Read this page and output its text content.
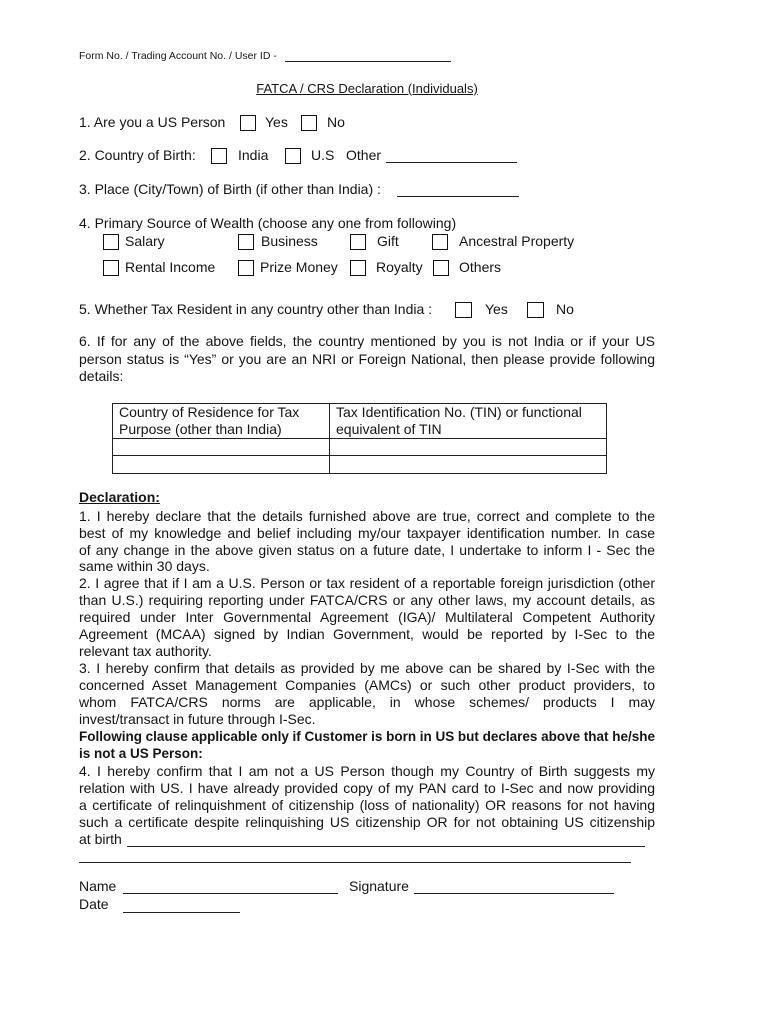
Form No. / Trading Account No. / User ID -
FATCA / CRS Declaration (Individuals)
1. Are you a US Person	Yes	No
2. Country of Birth:	India	U.S Other
3. Place (City/Town) of Birth (if other than India) :
4. Primary Source of Wealth (choose any one from following)
Salary	Business	Gift	Ancestral Property
Rental Income	Prize Money	Royalty	Others
5. Whether Tax Resident in any country other than India :	Yes	No
6. If for any of the above fields, the country mentioned by you is not India or if your US
person status is “Yes” or you are an NRI or Foreign National, then please provide following
details:
Country of Residence for Tax Purpose (other than India)	Tax Identification No. (TIN) or functional equivalent of TIN

Declaration:
1. I hereby declare that the details furnished above are true, correct and complete to the
best of my knowledge and belief including my/our taxpayer identification number. In case
of any change in the above given status on a future date, I undertake to inform I - Sec the
same within 30 days.
2. I agree that if I am a U.S. Person or tax resident of a reportable foreign jurisdiction (other
than U.S.) requiring reporting under FATCA/CRS or any other laws, my account details, as
required under Inter Governmental Agreement (IGA)/ Multilateral Competent Authority
Agreement (MCAA) signed by Indian Government, would be reported by I-Sec to the
relevant tax authority.
3. I hereby confirm that details as provided by me above can be shared by I-Sec with the
concerned Asset Management Companies (AMCs) or such other product providers, to
whom FATCA/CRS norms are applicable, in whose schemes/ products I may
invest/transact in future through I-Sec.
Following clause applicable only if Customer is born in US but declares above that he/she
is not a US Person:
4. I hereby confirm that I am not a US Person though my Country of Birth suggests my
relation with US. I have already provided copy of my PAN card to I-Sec and now providing
a certificate of relinquishment of citizenship (loss of nationality) OR reasons for not having
such a certificate despite relinquishing US citizenship OR for not obtaining US citizenship
at birth
Name	Signature
Date
